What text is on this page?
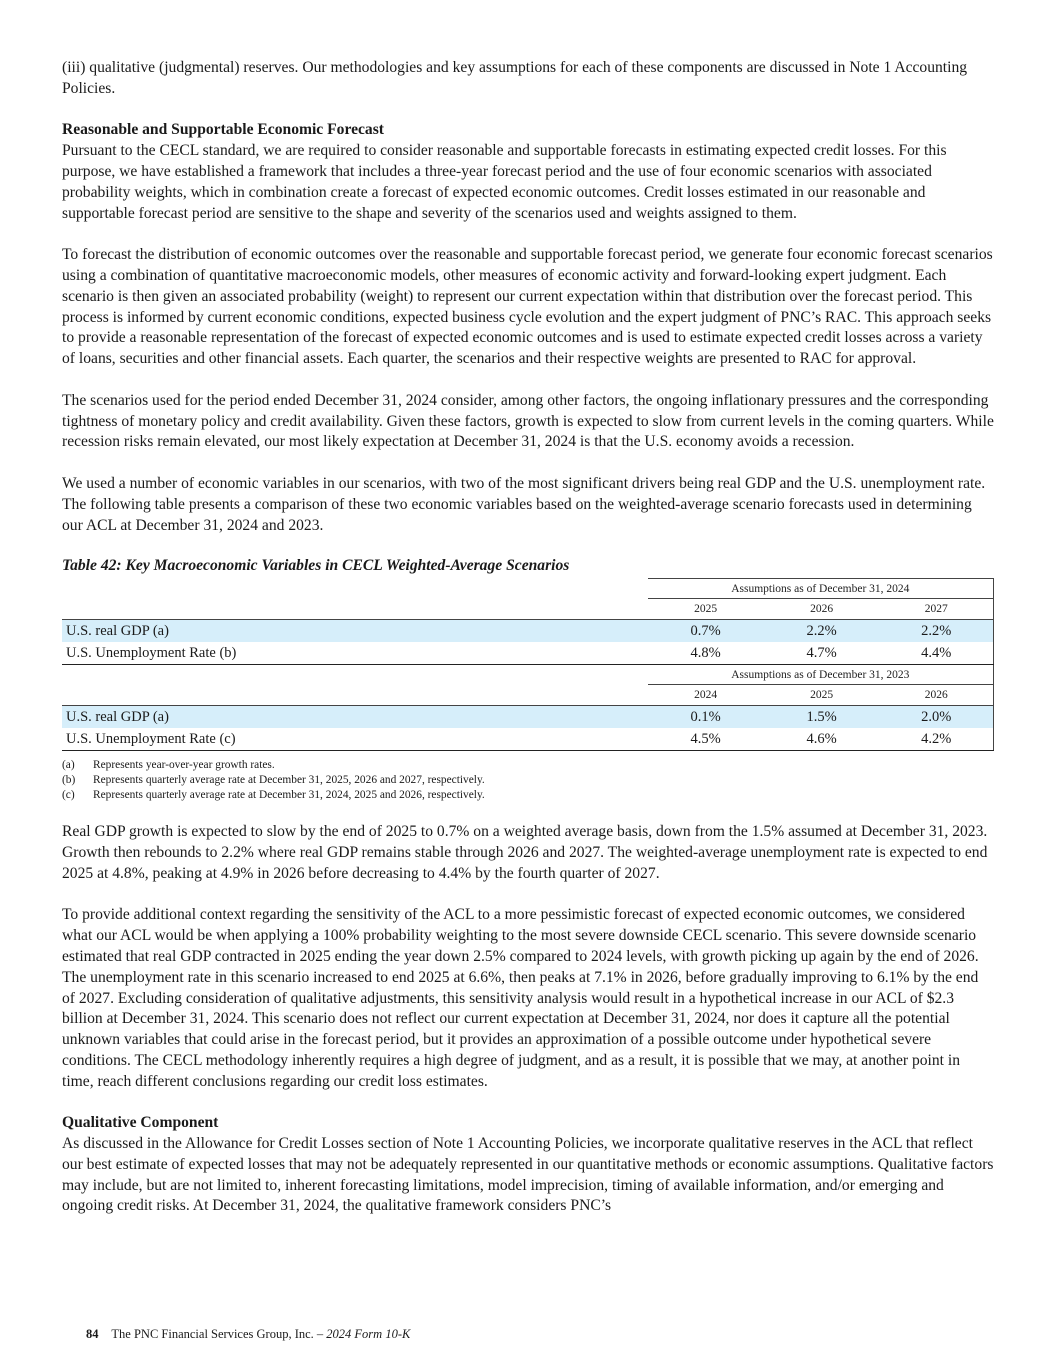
(iii) qualitative (judgmental) reserves. Our methodologies and key assumptions for each of these components are discussed in Note 1 Accounting Policies.

Reasonable and Supportable Economic Forecast

Pursuant to the CECL standard, we are required to consider reasonable and supportable forecasts in estimating expected credit losses. For this purpose, we have established a framework that includes a three-year forecast period and the use of four economic scenarios with associated probability weights, which in combination create a forecast of expected economic outcomes. Credit losses estimated in our reasonable and supportable forecast period are sensitive to the shape and severity of the scenarios used and weights assigned to them.

To forecast the distribution of economic outcomes over the reasonable and supportable forecast period, we generate four economic forecast scenarios using a combination of quantitative macroeconomic models, other measures of economic activity and forward-looking expert judgment. Each scenario is then given an associated probability (weight) to represent our current expectation within that distribution over the forecast period. This process is informed by current economic conditions, expected business cycle evolution and the expert judgment of PNC’s RAC. This approach seeks to provide a reasonable representation of the forecast of expected economic outcomes and is used to estimate expected credit losses across a variety of loans, securities and other financial assets. Each quarter, the scenarios and their respective weights are presented to RAC for approval.

The scenarios used for the period ended December 31, 2024 consider, among other factors, the ongoing inflationary pressures and the corresponding tightness of monetary policy and credit availability. Given these factors, growth is expected to slow from current levels in the coming quarters. While recession risks remain elevated, our most likely expectation at December 31, 2024 is that the U.S. economy avoids a recession.

We used a number of economic variables in our scenarios, with two of the most significant drivers being real GDP and the U.S. unemployment rate. The following table presents a comparison of these two economic variables based on the weighted-average scenario forecasts used in determining our ACL at December 31, 2024 and 2023.

Table 42: Key Macroeconomic Variables in CECL Weighted-Average Scenarios
	Assumptions as of December 31, 2024		
	2025	2026	2027
U.S. real GDP (a)	0.7%	2.2%	2.2%
U.S. Unemployment Rate (b)	4.8%	4.7%	4.4%
	Assumptions as of December 31, 2023		
	2024	2025	2026
U.S. real GDP (a)	0.1%	1.5%	2.0%
U.S. Unemployment Rate (c)	4.5%	4.6%	4.2%
(a)	Represents year-over-year growth rates.
(b)	Represents quarterly average rate at December 31, 2025, 2026 and 2027, respectively.
(c)	Represents quarterly average rate at December 31, 2024, 2025 and 2026, respectively.

Real GDP growth is expected to slow by the end of 2025 to 0.7% on a weighted average basis, down from the 1.5% assumed at December 31, 2023. Growth then rebounds to 2.2% where real GDP remains stable through 2026 and 2027. The weighted-average unemployment rate is expected to end 2025 at 4.8%, peaking at 4.9% in 2026 before decreasing to 4.4% by the fourth quarter of 2027.

To provide additional context regarding the sensitivity of the ACL to a more pessimistic forecast of expected economic outcomes, we considered what our ACL would be when applying a 100% probability weighting to the most severe downside CECL scenario. This severe downside scenario estimated that real GDP contracted in 2025 ending the year down 2.5% compared to 2024 levels, with growth picking up again by the end of 2026. The unemployment rate in this scenario increased to end 2025 at 6.6%, then peaks at 7.1% in 2026, before gradually improving to 6.1% by the end of 2027. Excluding consideration of qualitative adjustments, this sensitivity analysis would result in a hypothetical increase in our ACL of $2.3 billion at December 31, 2024. This scenario does not reflect our current expectation at December 31, 2024, nor does it capture all the potential unknown variables that could arise in the forecast period, but it provides an approximation of a possible outcome under hypothetical severe conditions. The CECL methodology inherently requires a high degree of judgment, and as a result, it is possible that we may, at another point in time, reach different conclusions regarding our credit loss estimates.

Qualitative Component

As discussed in the Allowance for Credit Losses section of Note 1 Accounting Policies, we incorporate qualitative reserves in the ACL that reflect our best estimate of expected losses that may not be adequately represented in our quantitative methods or economic assumptions. Qualitative factors may include, but are not limited to, inherent forecasting limitations, model imprecision, timing of available information, and/or emerging and ongoing credit risks. At December 31, 2024, the qualitative framework considers PNC’s

84 The PNC Financial Services Group, Inc. – 2024 Form 10-K
